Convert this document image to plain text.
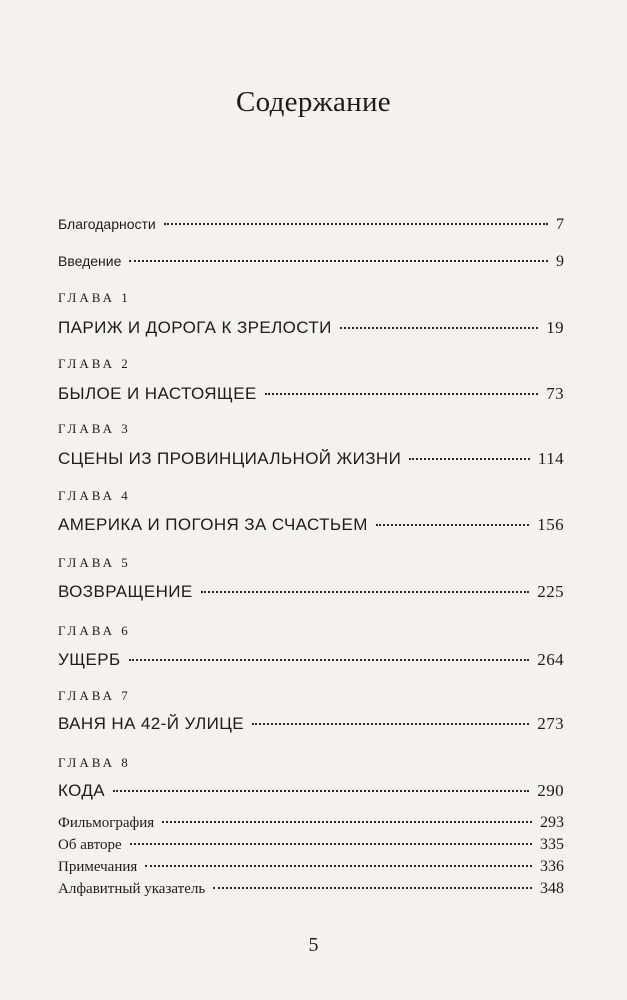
Содержание
Благодарности	7
Введение	9
ГЛАВА 1
ПАРИЖ И ДОРОГА К ЗРЕЛОСТИ	19
ГЛАВА 2
БЫЛОЕ И НАСТОЯЩЕЕ	73
ГЛАВА 3
СЦЕНЫ ИЗ ПРОВИНЦИАЛЬНОЙ ЖИЗНИ	114
ГЛАВА 4
АМЕРИКА И ПОГОНЯ ЗА СЧАСТЬЕМ	156
ГЛАВА 5
ВОЗВРАЩЕНИЕ	225
ГЛАВА 6
УЩЕРБ	264
ГЛАВА 7
ВАНЯ НА 42-Й УЛИЦЕ	273
ГЛАВА 8
КОДА	290
Фильмография	293
Об авторе	335
Примечания	336
Алфавитный указатель	348
5
